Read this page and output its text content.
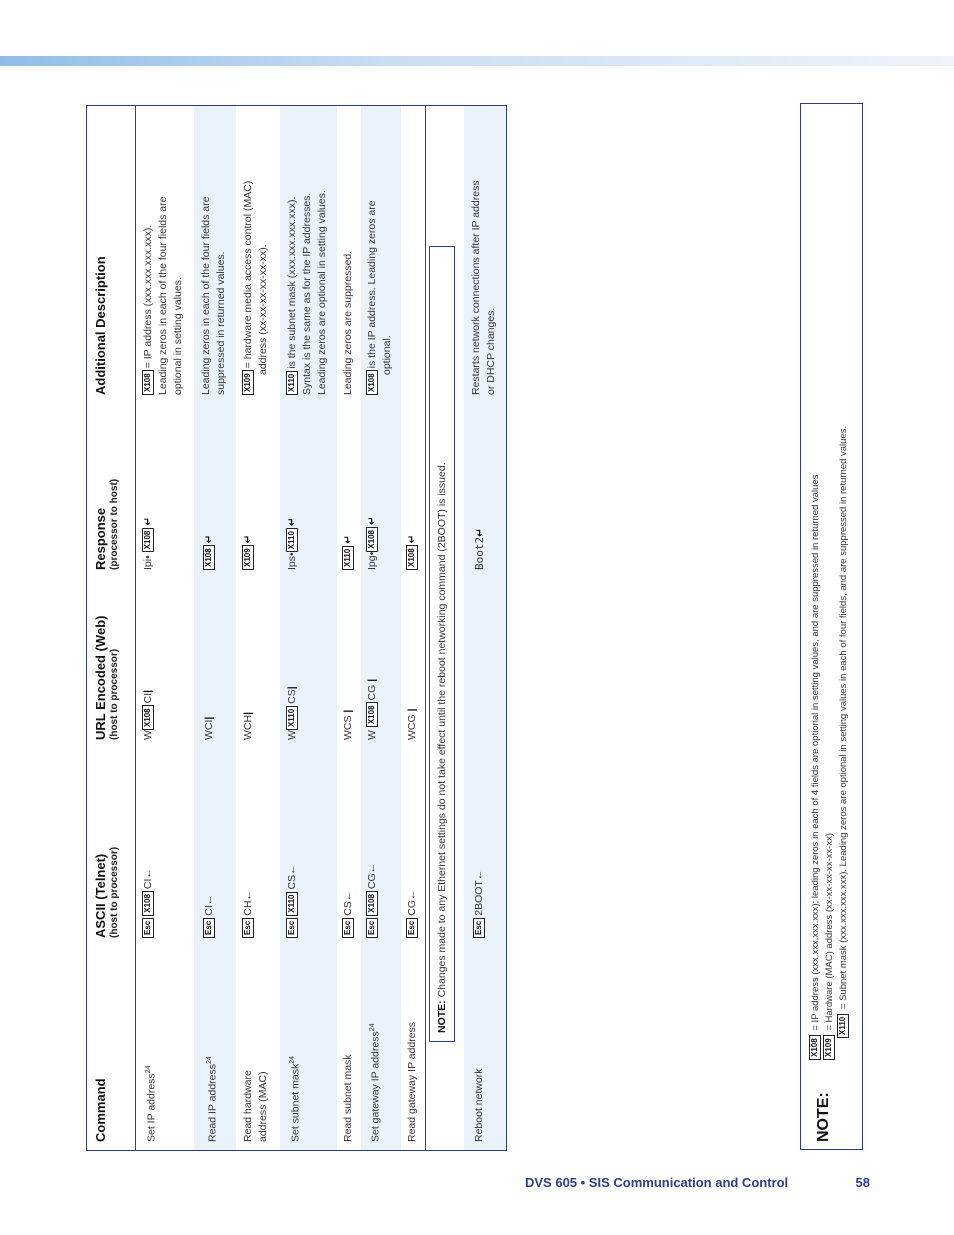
Command
ASCII (Telnet) (host to processor)
URL Encoded (Web) (host to processor)
Response (processor to host)
Additional Description
Set IP address$^{24}$
EscX108CI←
WX108CI|
Ipi• X108↵
X108= IP address (xxx.xxx.xxx.xxx). Leading zeros in each of the four fields are optional in setting values.
Read IP address$^{24}$
EscCI←
WCI|
X108↵
Leading zeros in each of the four fields are suppressed in returned values.
Read hardware address (MAC)
EscCH←
WCH|
X109↵
X109= hardware media access control (MAC) address (xx-xx-xx-xx-xx-xx).
Set subnet mask$^{24}$
EscX110CS←
WX110CS|
Ips•X110↵
X110is the subnet mask (xxx.xxx.xxx.xxx). Syntax is the same as for the IP addresses. Leading zeros are optional in setting values.
Read subnet mask
EscCS←
WCS |
X110↵
Leading zeros are suppressed.
Set gateway IP address$^{24}$
EscX108CG←
W X108CG |
Ipg•X108↵
X108is the IP address. Leading zeros are optional.
Read gateway IP address
EscCG←
WCG |
X108↵
NOTE: Changes made to any Ethernet settings do not take effect until the reboot networking command (2BOOT) is issued.
Reboot network
Esc2BOOT←
Boot2↵
Restarts network connections after IP address or DHCP changes.
NOTE:
X108 = IP address (xxx.xxx.xxx.xxx); leading zeros in each of 4 fields are optional in setting values, and are suppressed in returned values
X109 = Hardware (MAC) address (xx-xx-xx-xx-xx-xx) X110 = Subnet mask (xxx.xxx.xxx.xxx). Leading zeros are optional in setting values in each of four fields, and are suppressed in returned values.
DVS 605 • SIS Communication and Control	58
